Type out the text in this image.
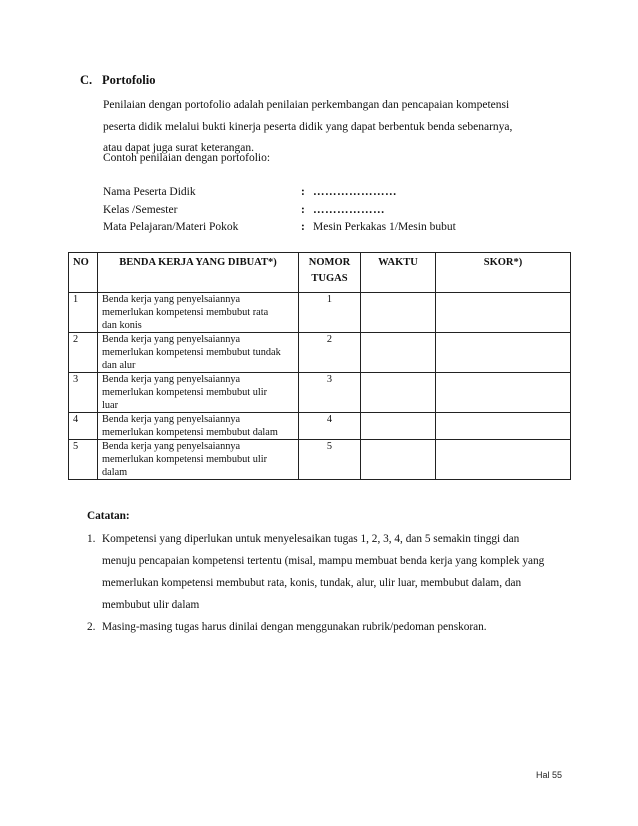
C. Portofolio
Penilaian dengan portofolio adalah penilaian perkembangan dan pencapaian kompetensi
peserta didik melalui bukti kinerja peserta didik yang dapat berbentuk benda sebenarnya,
atau dapat juga surat keterangan.
Contoh penilaian dengan portofolio:
Nama Peserta Didik	: …………………
Kelas /Semester	: ………………
Mata Pelajaran/Materi Pokok	: Mesin Perkakas 1/Mesin bubut
NO	BENDA KERJA YANG DIBUAT*)	NOMOR
TUGAS	WAKTU	SKOR*)
1	Benda kerja yang penyelsaiannya
memerlukan kompetensi membubut rata
dan konis	1		
2	Benda kerja yang penyelsaiannya
memerlukan kompetensi membubut tundak
dan alur	2		
3	Benda kerja yang penyelsaiannya
memerlukan kompetensi membubut ulir
luar	3		
4	Benda kerja yang penyelsaiannya
memerlukan kompetensi membubut dalam	4		
5	Benda kerja yang penyelsaiannya
memerlukan kompetensi membubut ulir
dalam	5		
Catatan:
1. Kompetensi yang diperlukan untuk menyelesaikan tugas 1, 2, 3, 4, dan 5 semakin tinggi dan
menuju pencapaian kompetensi tertentu (misal, mampu membuat benda kerja yang komplek yang
memerlukan kompetensi membubut rata, konis, tundak, alur, ulir luar, membubut dalam, dan
membubut ulir dalam
2. Masing-masing tugas harus dinilai dengan menggunakan rubrik/pedoman penskoran.
Hal 55
